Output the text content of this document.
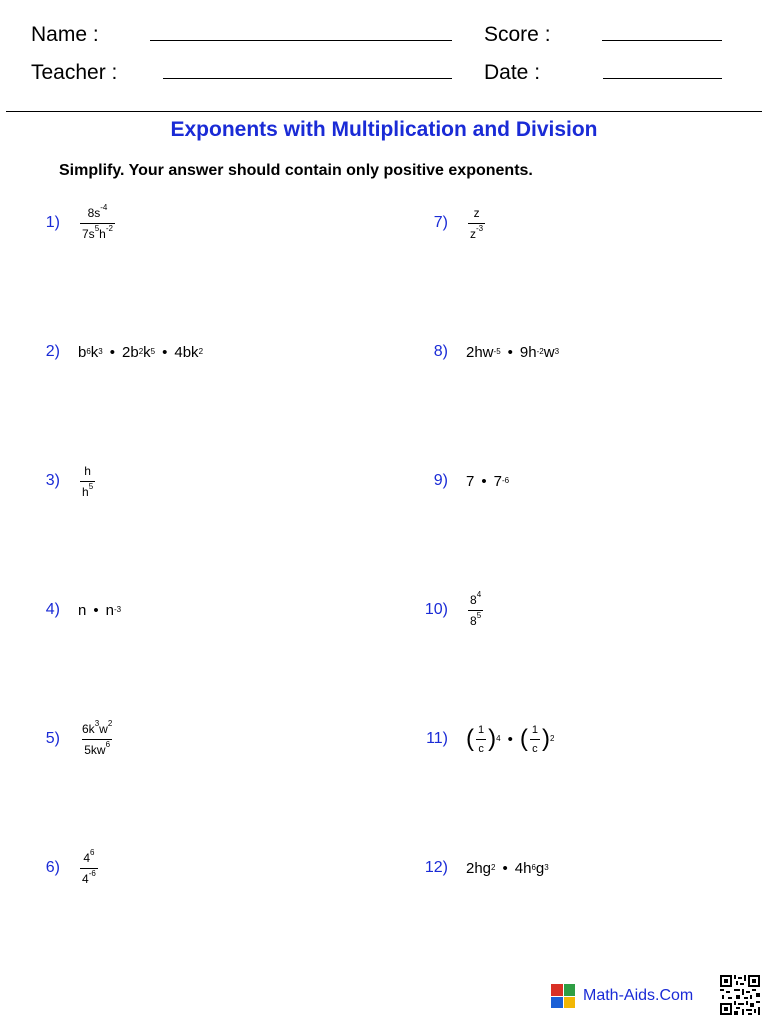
Name :
Teacher :
Score :
Date :
Exponents with Multiplication and Division
Simplify. Your answer should contain only positive exponents.
1)	$\frac{8s^{-4}}{7s^5h^{-2}}$
2)	b 6 k 3 • 2b 2 k 5 • 4bk 2
3)	$\frac{h}{h^5}$
4)	n • n -3
5)	$\frac{6k^3w^2}{5kw^6}$
6)	$\frac{4^6}{4^{-6}}$
7)	$\frac{z}{z^{-3}}$
8)	2hw -5 • 9h -2 w 3
9)	7 • 7 -6
10)	$\frac{8^4}{8^5}$
11) ( $\frac{1}{c}$ ) 4 • ( $\frac{1}{c}$ ) 2
12)	2hg 2 • 4h 6 g 3
Math-Aids.Com
